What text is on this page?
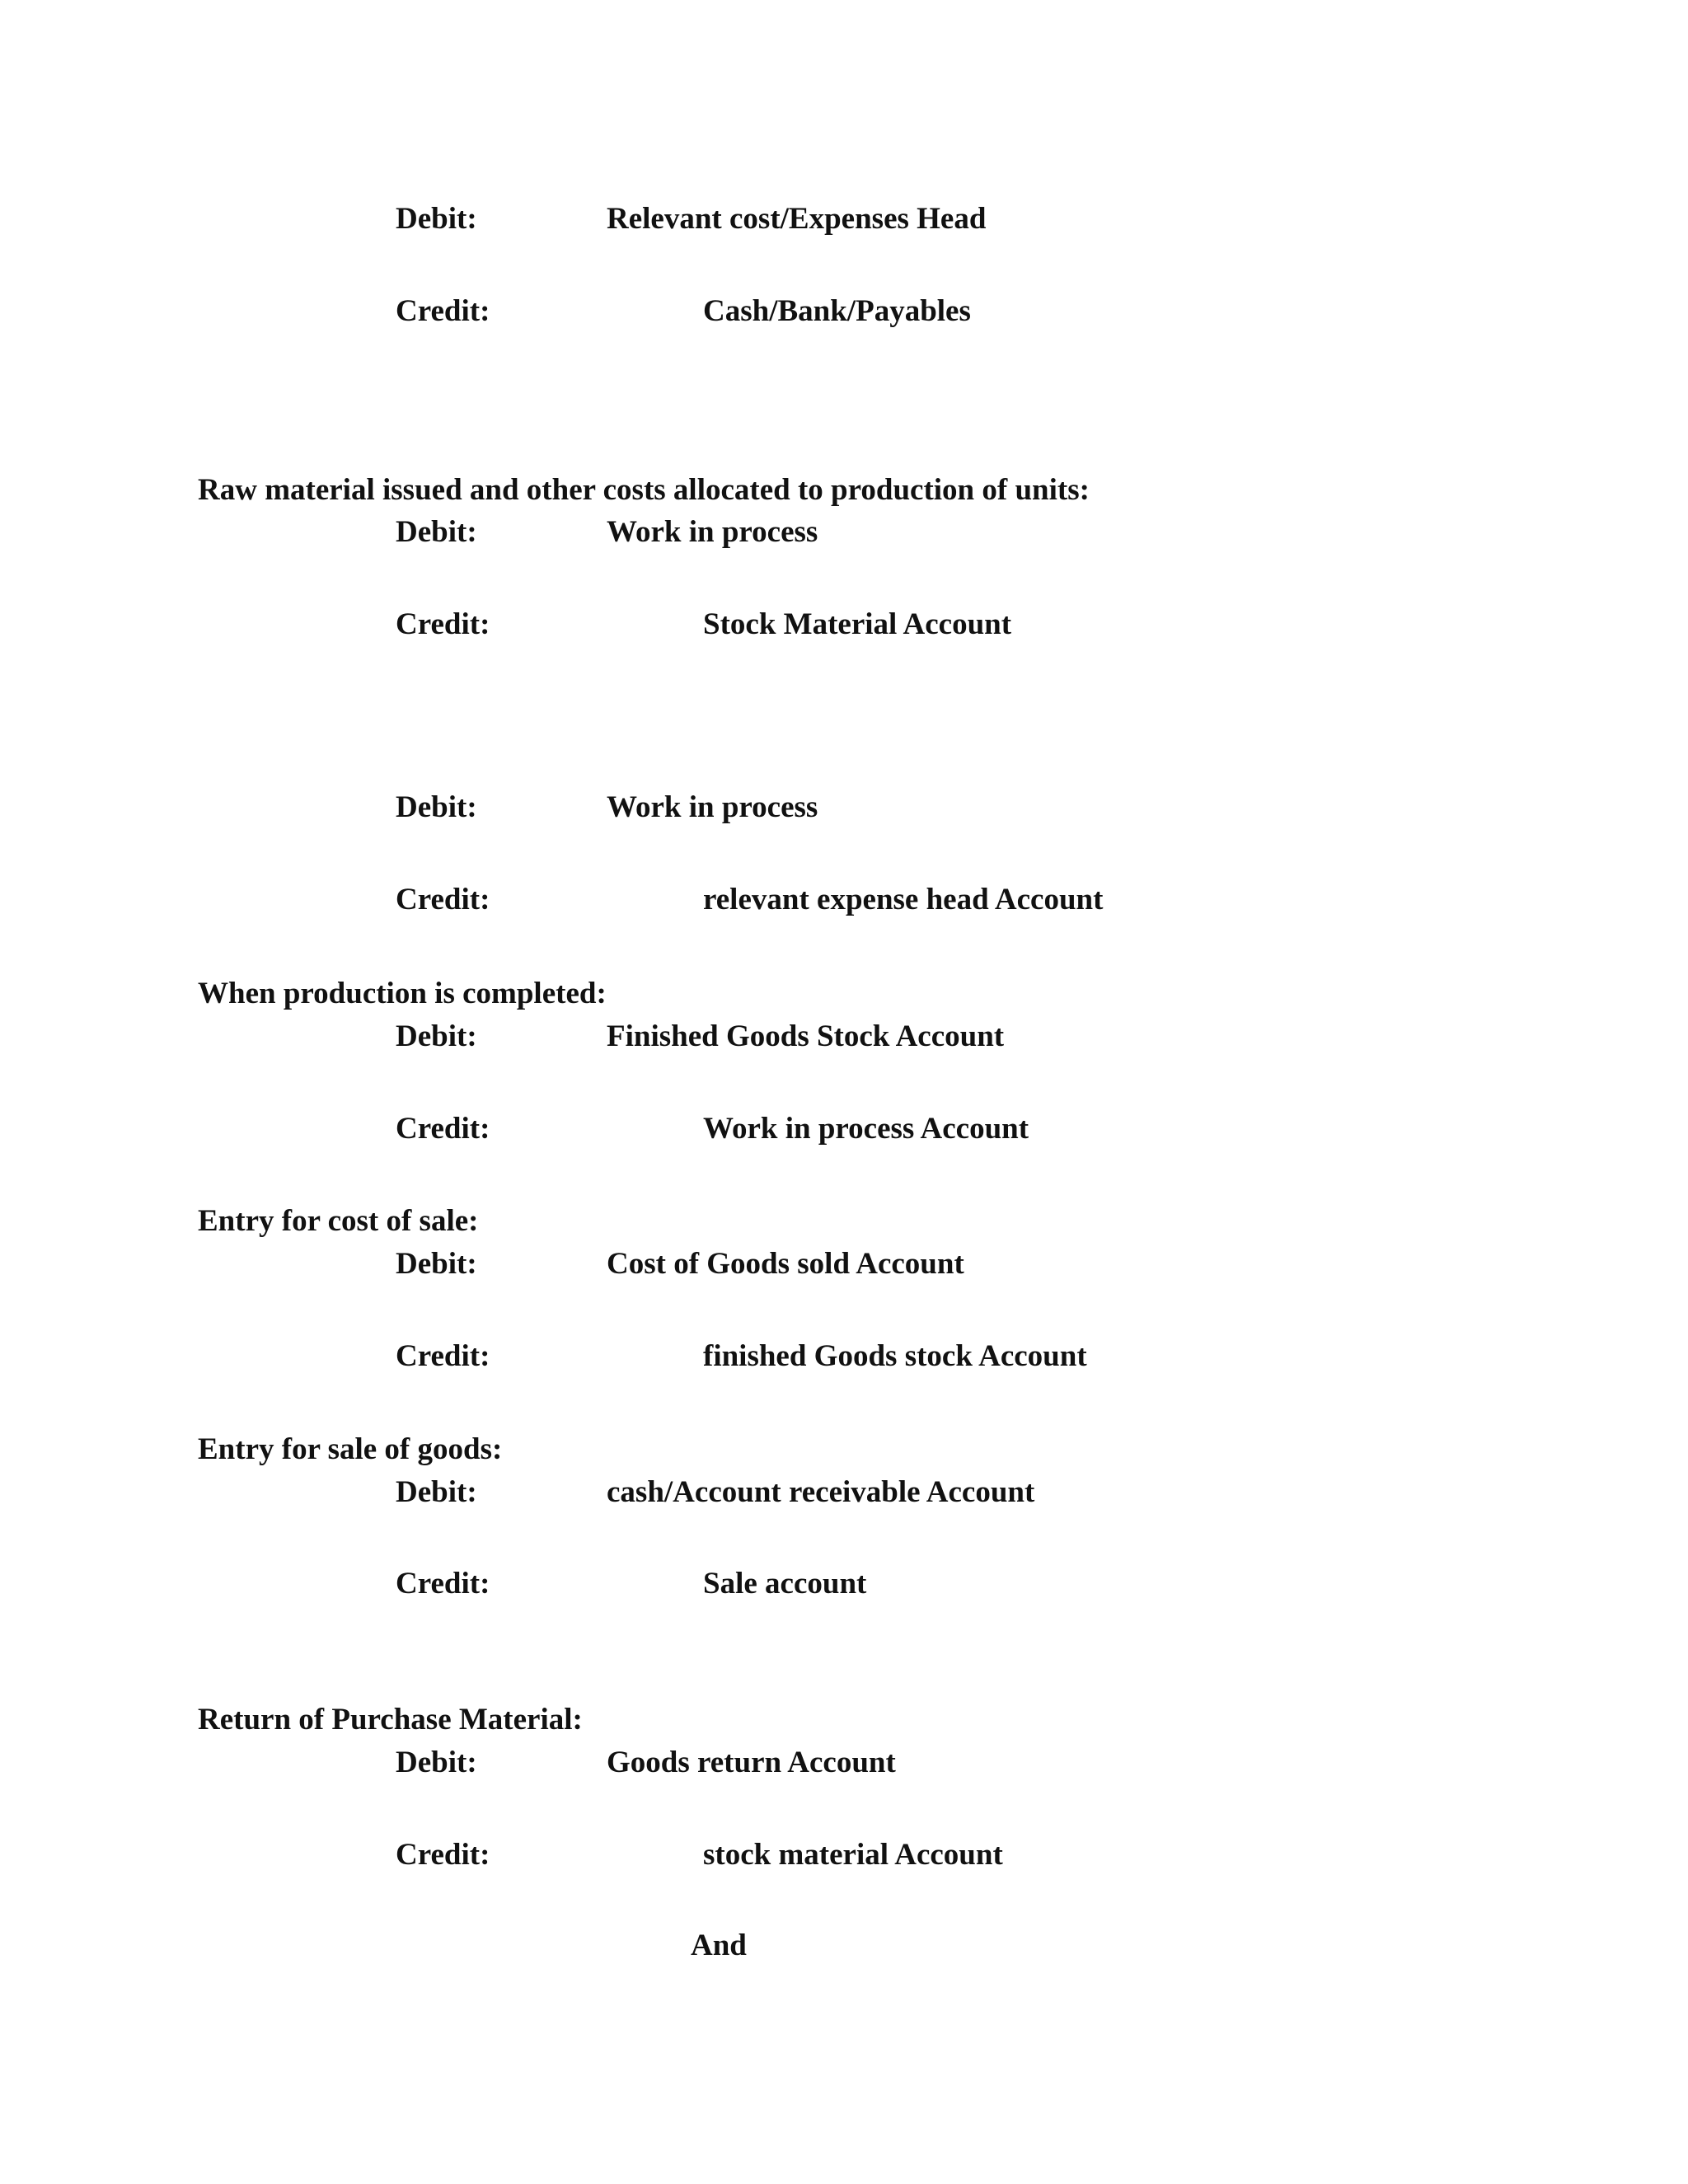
Debit:	Relevant cost/Expenses Head
Credit:	Cash/Bank/Payables
Raw material issued and other costs allocated to production of units:
Debit:	Work in process
Credit:	Stock Material Account
Debit:	Work in process
Credit:	relevant expense head Account
When production is completed:
Debit:	Finished Goods Stock Account
Credit:	Work in process Account
Entry for cost of sale:
Debit:	Cost of Goods sold Account
Credit:	finished Goods stock Account
Entry for sale of goods:
Debit:	cash/Account receivable Account
Credit:	Sale account
Return of Purchase Material:
Debit:	Goods return Account
Credit:	stock material Account
And
